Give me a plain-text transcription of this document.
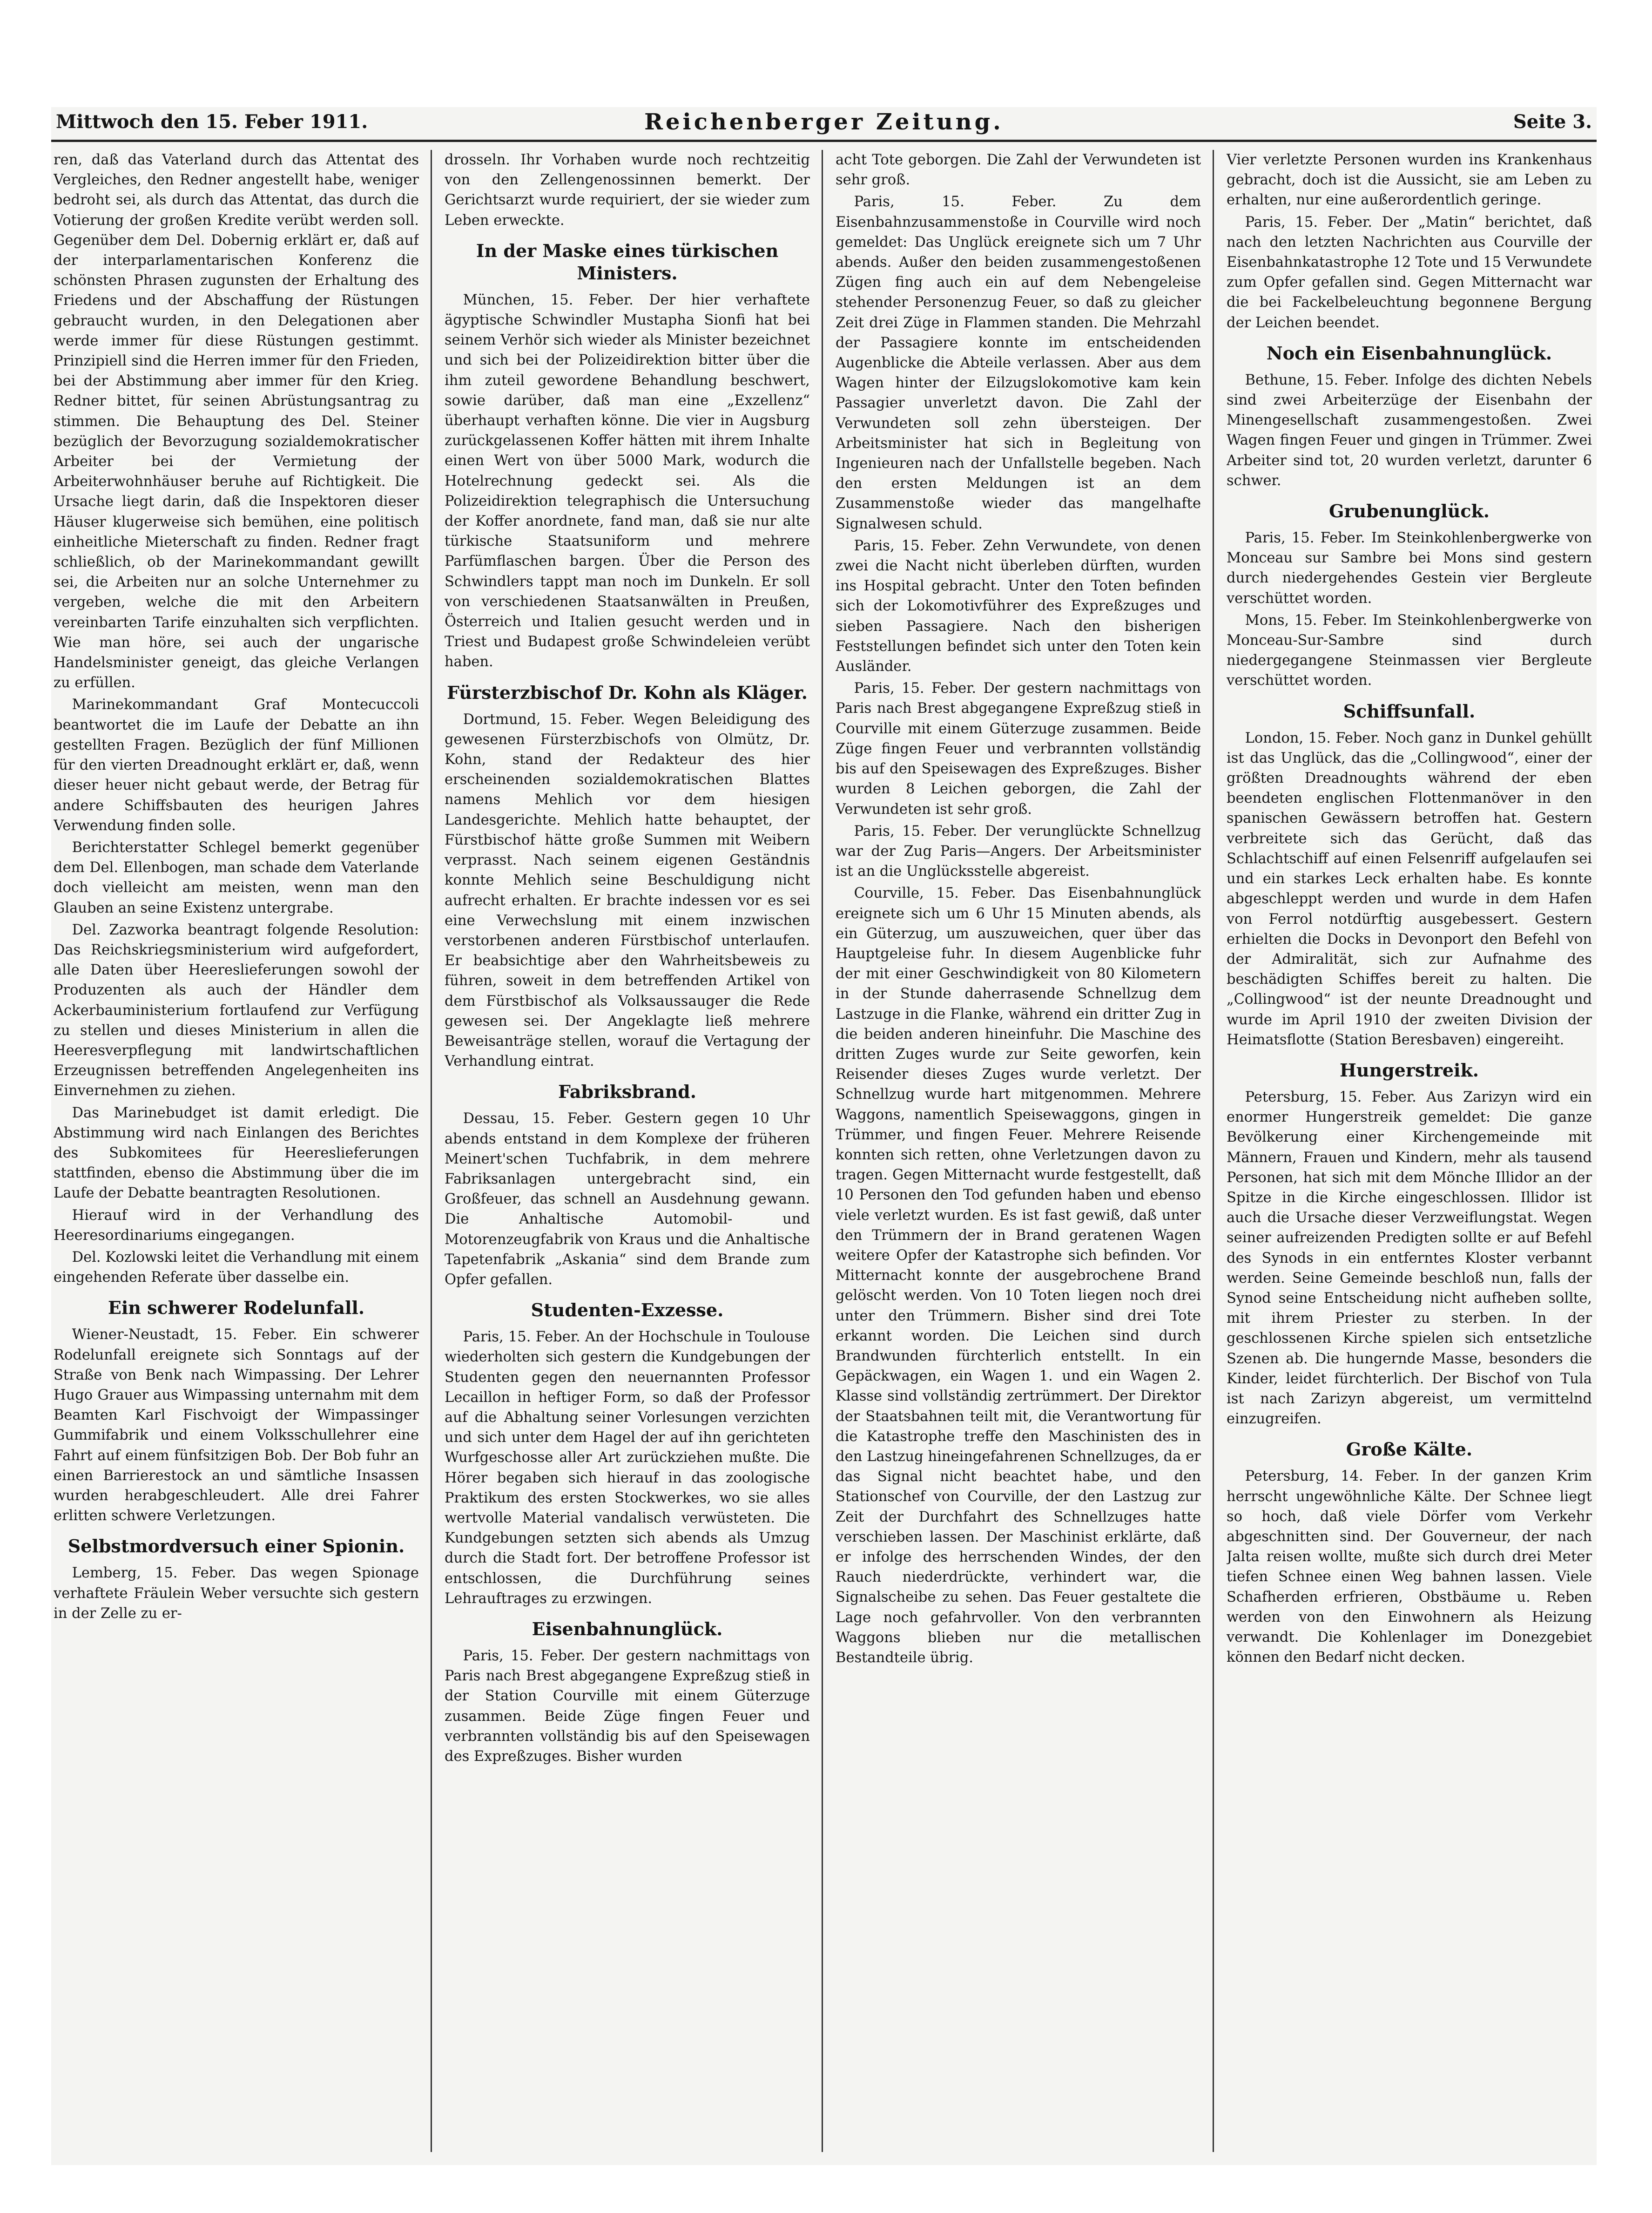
Mittwoch den 15. Feber 1911.	Reichenberger Zeitung.	Seite 3.

ren, daß das Vaterland durch das Attentat des Vergleiches, den Redner angestellt habe, weniger bedroht sei, als durch das Attentat, das durch die Votierung der großen Kredite verübt werden soll. Gegenüber dem Del. Dobernig erklärt er, daß auf der interparlamentarischen Konferenz die schönsten Phrasen zugunsten der Erhaltung des Friedens und der Abschaffung der Rüstungen gebraucht wurden, in den Delegationen aber werde immer für diese Rüstungen gestimmt. Prinzipiell sind die Herren immer für den Frieden, bei der Abstimmung aber immer für den Krieg. Redner bittet, für seinen Abrüstungsantrag zu stimmen. Die Behauptung des Del. Steiner bezüglich der Bevorzugung sozialdemokratischer Arbeiter bei der Vermietung der Arbeiterwohnhäuser beruhe auf Richtigkeit. Die Ursache liegt darin, daß die Inspektoren dieser Häuser klugerweise sich bemühen, eine politisch einheitliche Mieterschaft zu finden. Redner fragt schließlich, ob der Marinekommandant gewillt sei, die Arbeiten nur an solche Unternehmer zu vergeben, welche die mit den Arbeitern vereinbarten Tarife einzuhalten sich verpflichten. Wie man höre, sei auch der ungarische Handelsminister geneigt, das gleiche Verlangen zu erfüllen.

Marinekommandant Graf Montecuccoli beantwortet die im Laufe der Debatte an ihn gestellten Fragen. Bezüglich der fünf Millionen für den vierten Dreadnought erklärt er, daß, wenn dieser heuer nicht gebaut werde, der Betrag für andere Schiffsbauten des heurigen Jahres Verwendung finden solle.

Berichterstatter Schlegel bemerkt gegenüber dem Del. Ellenbogen, man schade dem Vaterlande doch vielleicht am meisten, wenn man den Glauben an seine Existenz untergrabe.

Del. Zazworka beantragt folgende Resolution: Das Reichskriegsministerium wird aufgefordert, alle Daten über Heereslieferungen sowohl der Produzenten als auch der Händler dem Ackerbauministerium fortlaufend zur Verfügung zu stellen und dieses Ministerium in allen die Heeresverpflegung mit landwirtschaftlichen Erzeugnissen betreffenden Angelegenheiten ins Einvernehmen zu ziehen.

Das Marinebudget ist damit erledigt. Die Abstimmung wird nach Einlangen des Berichtes des Subkomitees für Heereslieferungen stattfinden, ebenso die Abstimmung über die im Laufe der Debatte beantragten Resolutionen.

Hierauf wird in der Verhandlung des Heeresordinariums eingegangen.

Del. Kozlowski leitet die Verhandlung mit einem eingehenden Referate über dasselbe ein.

Ein schwerer Rodelunfall.

Wiener-Neustadt, 15. Feber. Ein schwerer Rodelunfall ereignete sich Sonntags auf der Straße von Benk nach Wimpassing. Der Lehrer Hugo Grauer aus Wimpassing unternahm mit dem Beamten Karl Fischvoigt der Wimpassinger Gummifabrik und einem Volksschullehrer eine Fahrt auf einem fünfsitzigen Bob. Der Bob fuhr an einen Barrierestock an und sämtliche Insassen wurden herabgeschleudert. Alle drei Fahrer erlitten schwere Verletzungen.

Selbstmordversuch einer Spionin.

Lemberg, 15. Feber. Das wegen Spionage verhaftete Fräulein Weber versuchte sich gestern in der Zelle zu er-

drosseln. Ihr Vorhaben wurde noch rechtzeitig von den Zellengenossinnen bemerkt. Der Gerichtsarzt wurde requiriert, der sie wieder zum Leben erweckte.

In der Maske eines türkischen Ministers.

München, 15. Feber. Der hier verhaftete ägyptische Schwindler Mustapha Sionfi hat bei seinem Verhör sich wieder als Minister bezeichnet und sich bei der Polizeidirektion bitter über die ihm zuteil gewordene Behandlung beschwert, sowie darüber, daß man eine „Exzellenz“ überhaupt verhaften könne. Die vier in Augsburg zurückgelassenen Koffer hätten mit ihrem Inhalte einen Wert von über 5000 Mark, wodurch die Hotelrechnung gedeckt sei. Als die Polizeidirektion telegraphisch die Untersuchung der Koffer anordnete, fand man, daß sie nur alte türkische Staatsuniform und mehrere Parfümflaschen bargen. Über die Person des Schwindlers tappt man noch im Dunkeln. Er soll von verschiedenen Staatsanwälten in Preußen, Österreich und Italien gesucht werden und in Triest und Budapest große Schwindeleien verübt haben.

Fürsterzbischof Dr. Kohn als Kläger.

Dortmund, 15. Feber. Wegen Beleidigung des gewesenen Fürsterzbischofs von Olmütz, Dr. Kohn, stand der Redakteur des hier erscheinenden sozialdemokratischen Blattes namens Mehlich vor dem hiesigen Landesgerichte. Mehlich hatte behauptet, der Fürstbischof hätte große Summen mit Weibern verprasst. Nach seinem eigenen Geständnis konnte Mehlich seine Beschuldigung nicht aufrecht erhalten. Er brachte indessen vor es sei eine Verwechslung mit einem inzwischen verstorbenen anderen Fürstbischof unterlaufen. Er beabsichtige aber den Wahrheitsbeweis zu führen, soweit in dem betreffenden Artikel von dem Fürstbischof als Volksaussauger die Rede gewesen sei. Der Angeklagte ließ mehrere Beweisanträge stellen, worauf die Vertagung der Verhandlung eintrat.

Fabriksbrand.

Dessau, 15. Feber. Gestern gegen 10 Uhr abends entstand in dem Komplexe der früheren Meinert'schen Tuchfabrik, in dem mehrere Fabriksanlagen untergebracht sind, ein Großfeuer, das schnell an Ausdehnung gewann. Die Anhaltische Automobil- und Motorenzeugfabrik von Kraus und die Anhaltische Tapetenfabrik „Askania“ sind dem Brande zum Opfer gefallen.

Studenten-Exzesse.

Paris, 15. Feber. An der Hochschule in Toulouse wiederholten sich gestern die Kundgebungen der Studenten gegen den neuernannten Professor Lecaillon in heftiger Form, so daß der Professor auf die Abhaltung seiner Vorlesungen verzichten und sich unter dem Hagel der auf ihn gerichteten Wurfgeschosse aller Art zurückziehen mußte. Die Hörer begaben sich hierauf in das zoologische Praktikum des ersten Stockwerkes, wo sie alles wertvolle Material vandalisch verwüsteten. Die Kundgebungen setzten sich abends als Umzug durch die Stadt fort. Der betroffene Professor ist entschlossen, die Durchführung seines Lehrauftrages zu erzwingen.

Eisenbahnunglück.

Paris, 15. Feber. Der gestern nachmittags von Paris nach Brest abgegangene Expreßzug stieß in der Station Courville mit einem Güterzuge zusammen. Beide Züge fingen Feuer und verbrannten vollständig bis auf den Speisewagen des Expreßzuges. Bisher wurden

acht Tote geborgen. Die Zahl der Verwundeten ist sehr groß.

Paris, 15. Feber. Zu dem Eisenbahnzusammenstoße in Courville wird noch gemeldet: Das Unglück ereignete sich um 7 Uhr abends. Außer den beiden zusammengestoßenen Zügen fing auch ein auf dem Nebengeleise stehender Personenzug Feuer, so daß zu gleicher Zeit drei Züge in Flammen standen. Die Mehrzahl der Passagiere konnte im entscheidenden Augenblicke die Abteile verlassen. Aber aus dem Wagen hinter der Eilzugslokomotive kam kein Passagier unverletzt davon. Die Zahl der Verwundeten soll zehn übersteigen. Der Arbeitsminister hat sich in Begleitung von Ingenieuren nach der Unfallstelle begeben. Nach den ersten Meldungen ist an dem Zusammenstoße wieder das mangelhafte Signalwesen schuld.

Paris, 15. Feber. Zehn Verwundete, von denen zwei die Nacht nicht überleben dürften, wurden ins Hospital gebracht. Unter den Toten befinden sich der Lokomotivführer des Expreßzuges und sieben Passagiere. Nach den bisherigen Feststellungen befindet sich unter den Toten kein Ausländer.

Paris, 15. Feber. Der gestern nachmittags von Paris nach Brest abgegangene Expreßzug stieß in Courville mit einem Güterzuge zusammen. Beide Züge fingen Feuer und verbrannten vollständig bis auf den Speisewagen des Expreßzuges. Bisher wurden 8 Leichen geborgen, die Zahl der Verwundeten ist sehr groß.

Paris, 15. Feber. Der verunglückte Schnellzug war der Zug Paris—Angers. Der Arbeitsminister ist an die Unglücksstelle abgereist.

Courville, 15. Feber. Das Eisenbahnunglück ereignete sich um 6 Uhr 15 Minuten abends, als ein Güterzug, um auszuweichen, quer über das Hauptgeleise fuhr. In diesem Augenblicke fuhr der mit einer Geschwindigkeit von 80 Kilometern in der Stunde daherrasende Schnellzug dem Lastzuge in die Flanke, während ein dritter Zug in die beiden anderen hineinfuhr. Die Maschine des dritten Zuges wurde zur Seite geworfen, kein Reisender dieses Zuges wurde verletzt. Der Schnellzug wurde hart mitgenommen. Mehrere Waggons, namentlich Speisewaggons, gingen in Trümmer, und fingen Feuer. Mehrere Reisende konnten sich retten, ohne Verletzungen davon zu tragen. Gegen Mitternacht wurde festgestellt, daß 10 Personen den Tod gefunden haben und ebenso viele verletzt wurden. Es ist fast gewiß, daß unter den Trümmern der in Brand geratenen Wagen weitere Opfer der Katastrophe sich befinden. Vor Mitternacht konnte der ausgebrochene Brand gelöscht werden. Von 10 Toten liegen noch drei unter den Trümmern. Bisher sind drei Tote erkannt worden. Die Leichen sind durch Brandwunden fürchterlich entstellt. In ein Gepäckwagen, ein Wagen 1. und ein Wagen 2. Klasse sind vollständig zertrümmert. Der Direktor der Staatsbahnen teilt mit, die Verantwortung für die Katastrophe treffe den Maschinisten des in den Lastzug hineingefahrenen Schnellzuges, da er das Signal nicht beachtet habe, und den Stationschef von Courville, der den Lastzug zur Zeit der Durchfahrt des Schnellzuges hatte verschieben lassen. Der Maschinist erklärte, daß er infolge des herrschenden Windes, der den Rauch niederdrückte, verhindert war, die Signalscheibe zu sehen. Das Feuer gestaltete die Lage noch gefahrvoller. Von den verbrannten Waggons blieben nur die metallischen Bestandteile übrig.

Vier verletzte Personen wurden ins Krankenhaus gebracht, doch ist die Aussicht, sie am Leben zu erhalten, nur eine außerordentlich geringe.

Paris, 15. Feber. Der „Matin“ berichtet, daß nach den letzten Nachrichten aus Courville der Eisenbahnkatastrophe 12 Tote und 15 Verwundete zum Opfer gefallen sind. Gegen Mitternacht war die bei Fackelbeleuchtung begonnene Bergung der Leichen beendet.

Noch ein Eisenbahnunglück.

Bethune, 15. Feber. Infolge des dichten Nebels sind zwei Arbeiterzüge der Eisenbahn der Minengesellschaft zusammengestoßen. Zwei Wagen fingen Feuer und gingen in Trümmer. Zwei Arbeiter sind tot, 20 wurden verletzt, darunter 6 schwer.

Grubenunglück.

Paris, 15. Feber. Im Steinkohlenbergwerke von Monceau sur Sambre bei Mons sind gestern durch niedergehendes Gestein vier Bergleute verschüttet worden.

Mons, 15. Feber. Im Steinkohlenbergwerke von Monceau-Sur-Sambre sind durch niedergegangene Steinmassen vier Bergleute verschüttet worden.

Schiffsunfall.

London, 15. Feber. Noch ganz in Dunkel gehüllt ist das Unglück, das die „Collingwood“, einer der größten Dreadnoughts während der eben beendeten englischen Flottenmanöver in den spanischen Gewässern betroffen hat. Gestern verbreitete sich das Gerücht, daß das Schlachtschiff auf einen Felsenriff aufgelaufen sei und ein starkes Leck erhalten habe. Es konnte abgeschleppt werden und wurde in dem Hafen von Ferrol notdürftig ausgebessert. Gestern erhielten die Docks in Devonport den Befehl von der Admiralität, sich zur Aufnahme des beschädigten Schiffes bereit zu halten. Die „Collingwood“ ist der neunte Dreadnought und wurde im April 1910 der zweiten Division der Heimatsflotte (Station Beresbaven) eingereiht.

Hungerstreik.

Petersburg, 15. Feber. Aus Zarizyn wird ein enormer Hungerstreik gemeldet: Die ganze Bevölkerung einer Kirchengemeinde mit Männern, Frauen und Kindern, mehr als tausend Personen, hat sich mit dem Mönche Illidor an der Spitze in die Kirche eingeschlossen. Illidor ist auch die Ursache dieser Verzweiflungstat. Wegen seiner aufreizenden Predigten sollte er auf Befehl des Synods in ein entferntes Kloster verbannt werden. Seine Gemeinde beschloß nun, falls der Synod seine Entscheidung nicht aufheben sollte, mit ihrem Priester zu sterben. In der geschlossenen Kirche spielen sich entsetzliche Szenen ab. Die hungernde Masse, besonders die Kinder, leidet fürchterlich. Der Bischof von Tula ist nach Zarizyn abgereist, um vermittelnd einzugreifen.

Große Kälte.

Petersburg, 14. Feber. In der ganzen Krim herrscht ungewöhnliche Kälte. Der Schnee liegt so hoch, daß viele Dörfer vom Verkehr abgeschnitten sind. Der Gouverneur, der nach Jalta reisen wollte, mußte sich durch drei Meter tiefen Schnee einen Weg bahnen lassen. Viele Schafherden erfrieren, Obstbäume u. Reben werden von den Einwohnern als Heizung verwandt. Die Kohlenlager im Donezgebiet können den Bedarf nicht decken.
